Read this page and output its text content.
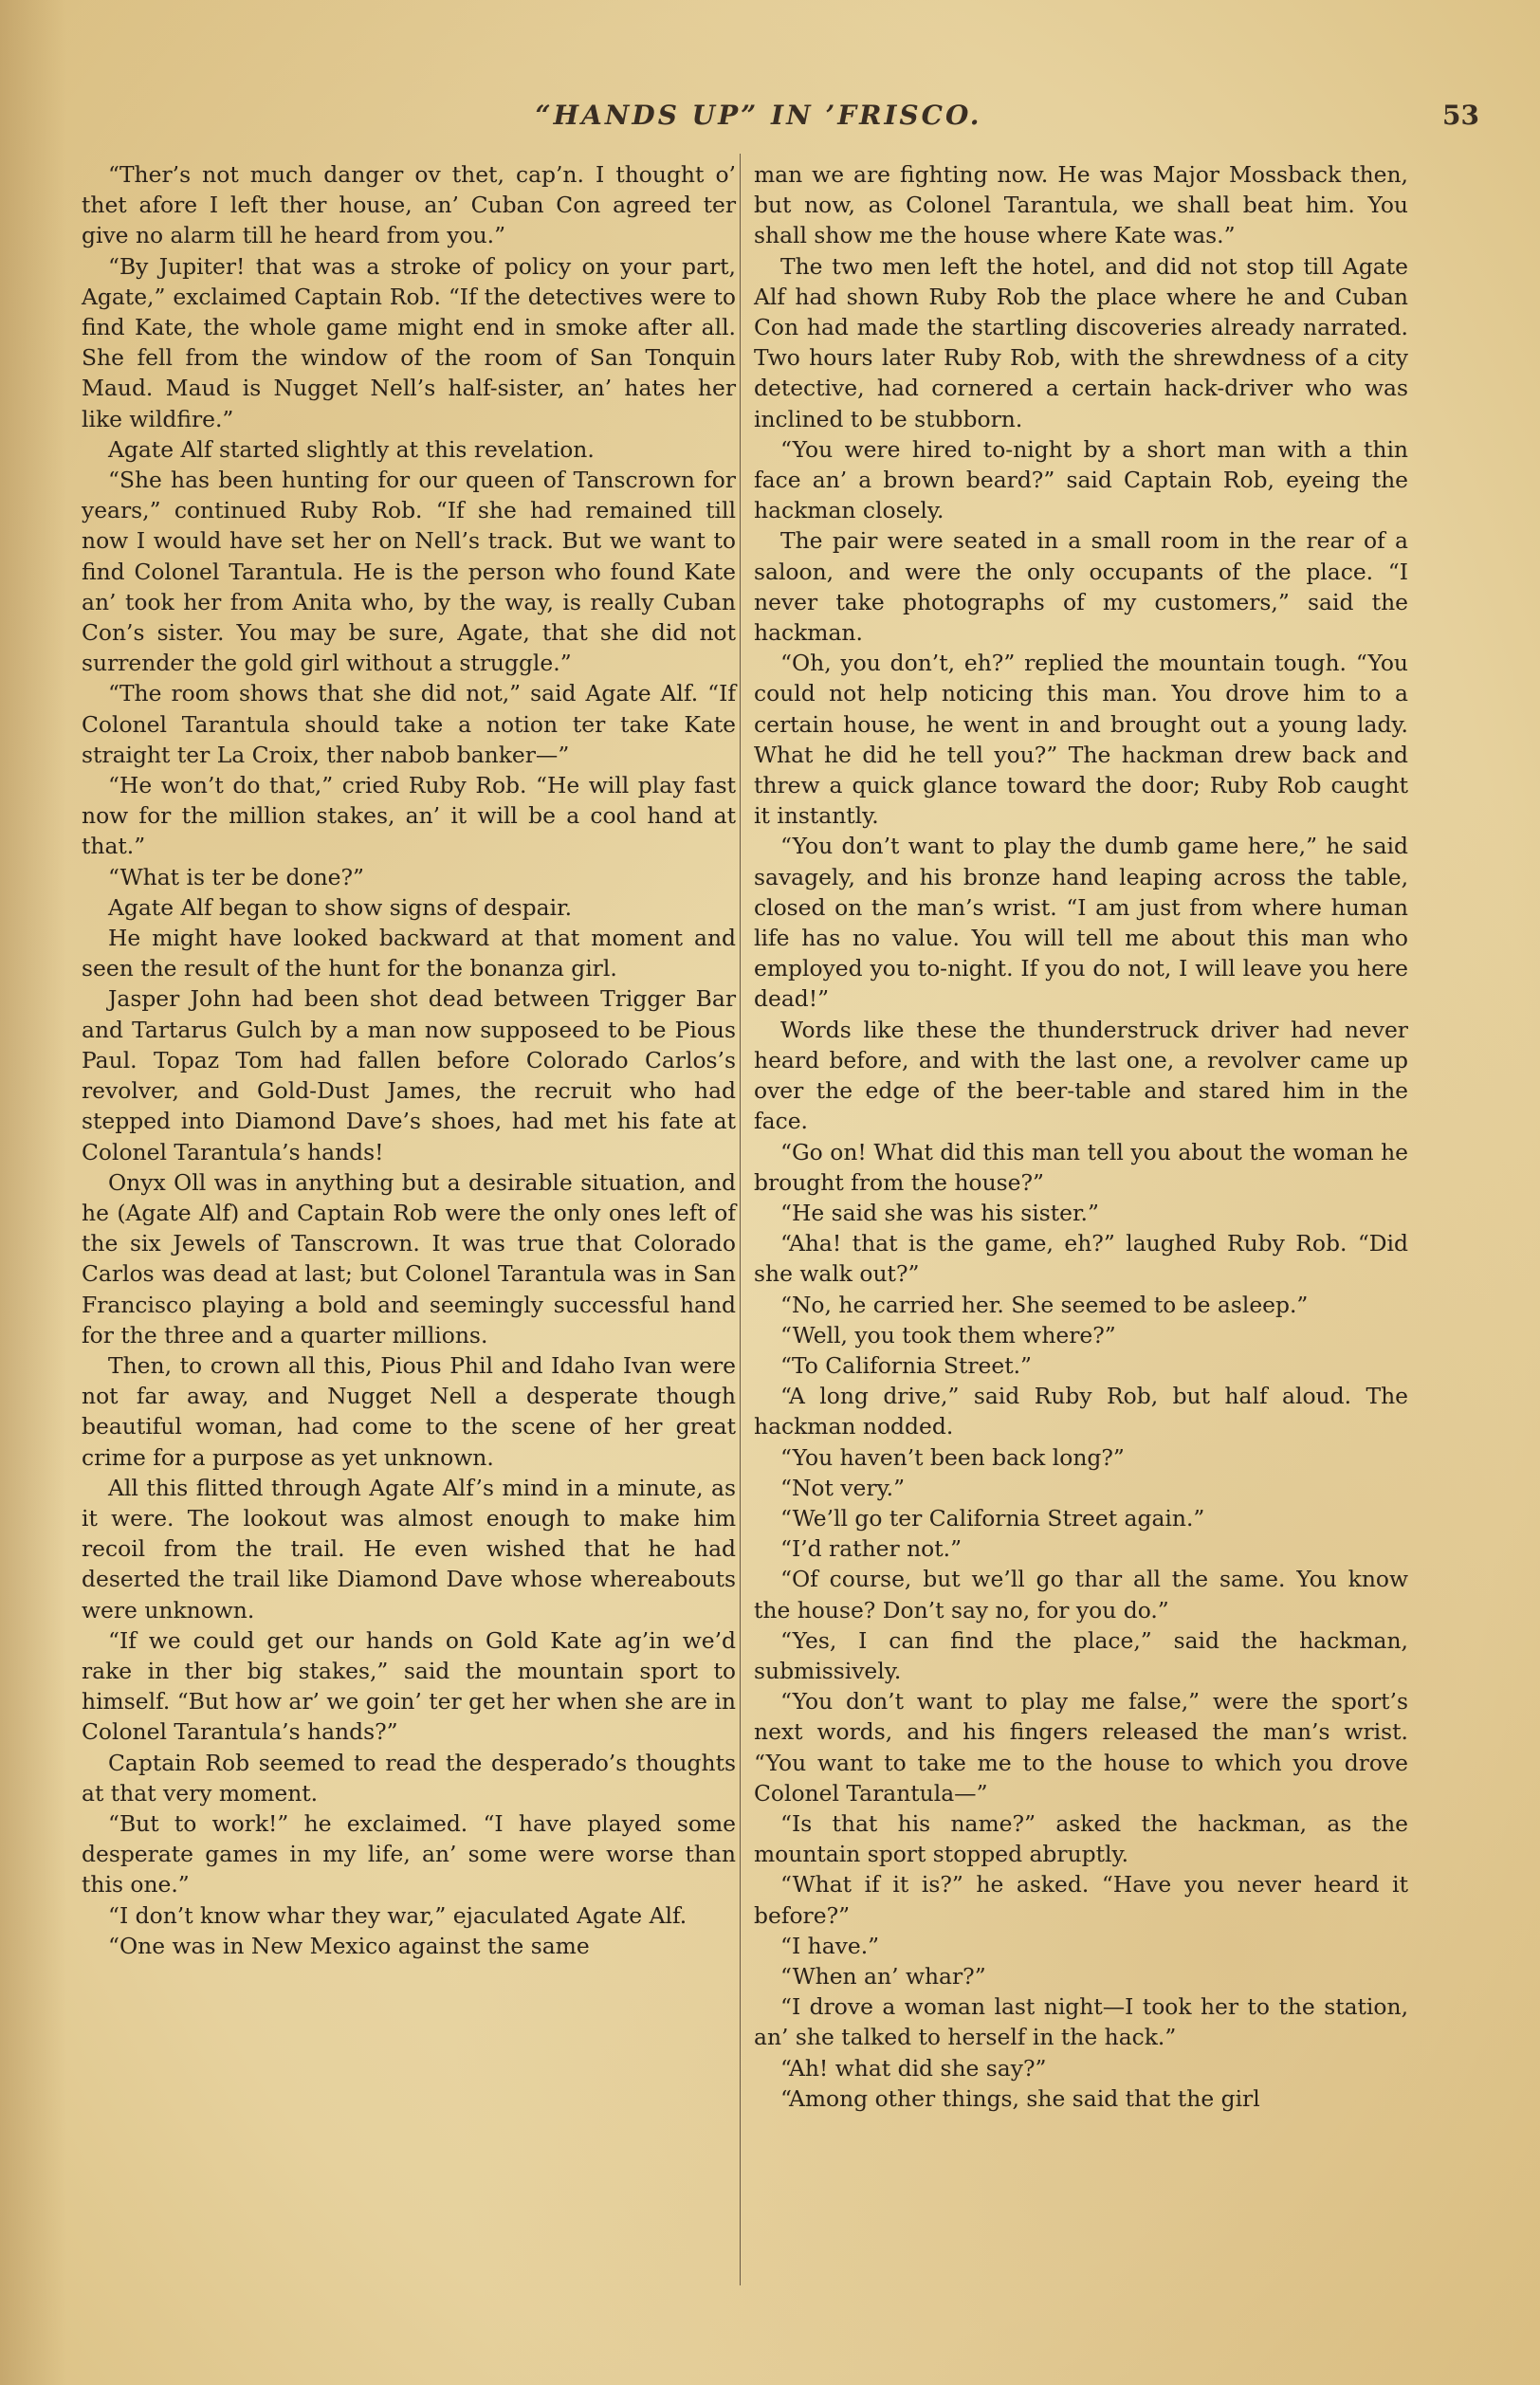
“HANDS UP” IN ’FRISCO.	53

“Ther’s not much danger ov thet, cap’n. I thought o’ thet afore I left ther house, an’ Cuban Con agreed ter give no alarm till he heard from you.”

“By Jupiter! that was a stroke of policy on your part, Agate,” exclaimed Captain Rob. “If the detectives were to find Kate, the whole game might end in smoke after all. She fell from the window of the room of San Tonquin Maud. Maud is Nugget Nell’s half-sister, an’ hates her like wildfire.”

Agate Alf started slightly at this revelation.

“She has been hunting for our queen of Tanscrown for years,” continued Ruby Rob. “If she had remained till now I would have set her on Nell’s track. But we want to find Colonel Tarantula. He is the person who found Kate an’ took her from Anita who, by the way, is really Cuban Con’s sister. You may be sure, Agate, that she did not surrender the gold girl without a struggle.”

“The room shows that she did not,” said Agate Alf. “If Colonel Tarantula should take a notion ter take Kate straight ter La Croix, ther nabob banker—”

“He won’t do that,” cried Ruby Rob. “He will play fast now for the million stakes, an’ it will be a cool hand at that.”

“What is ter be done?”

Agate Alf began to show signs of despair.

He might have looked backward at that moment and seen the result of the hunt for the bonanza girl.

Jasper John had been shot dead between Trigger Bar and Tartarus Gulch by a man now supposeed to be Pious Paul. Topaz Tom had fallen before Colorado Carlos’s revolver, and Gold-Dust James, the recruit who had stepped into Diamond Dave’s shoes, had met his fate at Colonel Tarantula’s hands!

Onyx Oll was in anything but a desirable situation, and he (Agate Alf) and Captain Rob were the only ones left of the six Jewels of Tanscrown. It was true that Colorado Carlos was dead at last; but Colonel Tarantula was in San Francisco playing a bold and seemingly successful hand for the three and a quarter millions.

Then, to crown all this, Pious Phil and Idaho Ivan were not far away, and Nugget Nell a desperate though beautiful woman, had come to the scene of her great crime for a purpose as yet unknown.

All this flitted through Agate Alf’s mind in a minute, as it were. The lookout was almost enough to make him recoil from the trail. He even wished that he had deserted the trail like Diamond Dave whose whereabouts were unknown.

“If we could get our hands on Gold Kate ag’in we’d rake in ther big stakes,” said the mountain sport to himself. “But how ar’ we goin’ ter get her when she are in Colonel Tarantula’s hands?”

Captain Rob seemed to read the desperado’s thoughts at that very moment.

“But to work!” he exclaimed. “I have played some desperate games in my life, an’ some were worse than this one.”

“I don’t know whar they war,” ejaculated Agate Alf.

“One was in New Mexico against the same

man we are fighting now. He was Major Mossback then, but now, as Colonel Tarantula, we shall beat him. You shall show me the house where Kate was.”

The two men left the hotel, and did not stop till Agate Alf had shown Ruby Rob the place where he and Cuban Con had made the startling discoveries already narrated. Two hours later Ruby Rob, with the shrewdness of a city detective, had cornered a certain hack-driver who was inclined to be stubborn.

“You were hired to-night by a short man with a thin face an’ a brown beard?” said Captain Rob, eyeing the hackman closely.

The pair were seated in a small room in the rear of a saloon, and were the only occupants of the place. “I never take photographs of my customers,” said the hackman.

“Oh, you don’t, eh?” replied the mountain tough. “You could not help noticing this man. You drove him to a certain house, he went in and brought out a young lady. What he did he tell you?” The hackman drew back and threw a quick glance toward the door; Ruby Rob caught it instantly.

“You don’t want to play the dumb game here,” he said savagely, and his bronze hand leaping across the table, closed on the man’s wrist. “I am just from where human life has no value. You will tell me about this man who employed you to-night. If you do not, I will leave you here dead!”

Words like these the thunderstruck driver had never heard before, and with the last one, a revolver came up over the edge of the beer-table and stared him in the face.

“Go on! What did this man tell you about the woman he brought from the house?”

“He said she was his sister.”

“Aha! that is the game, eh?” laughed Ruby Rob. “Did she walk out?”

“No, he carried her. She seemed to be asleep.”

“Well, you took them where?”

“To California Street.”

“A long drive,” said Ruby Rob, but half aloud. The hackman nodded.

“You haven’t been back long?”

“Not very.”

“We’ll go ter California Street again.”

“I’d rather not.”

“Of course, but we’ll go thar all the same. You know the house? Don’t say no, for you do.”

“Yes, I can find the place,” said the hackman, submissively.

“You don’t want to play me false,” were the sport’s next words, and his fingers released the man’s wrist. “You want to take me to the house to which you drove Colonel Tarantula—”

“Is that his name?” asked the hackman, as the mountain sport stopped abruptly.

“What if it is?” he asked. “Have you never heard it before?”

“I have.”

“When an’ whar?”

“I drove a woman last night—I took her to the station, an’ she talked to herself in the hack.”

“Ah! what did she say?”

“Among other things, she said that the girl
